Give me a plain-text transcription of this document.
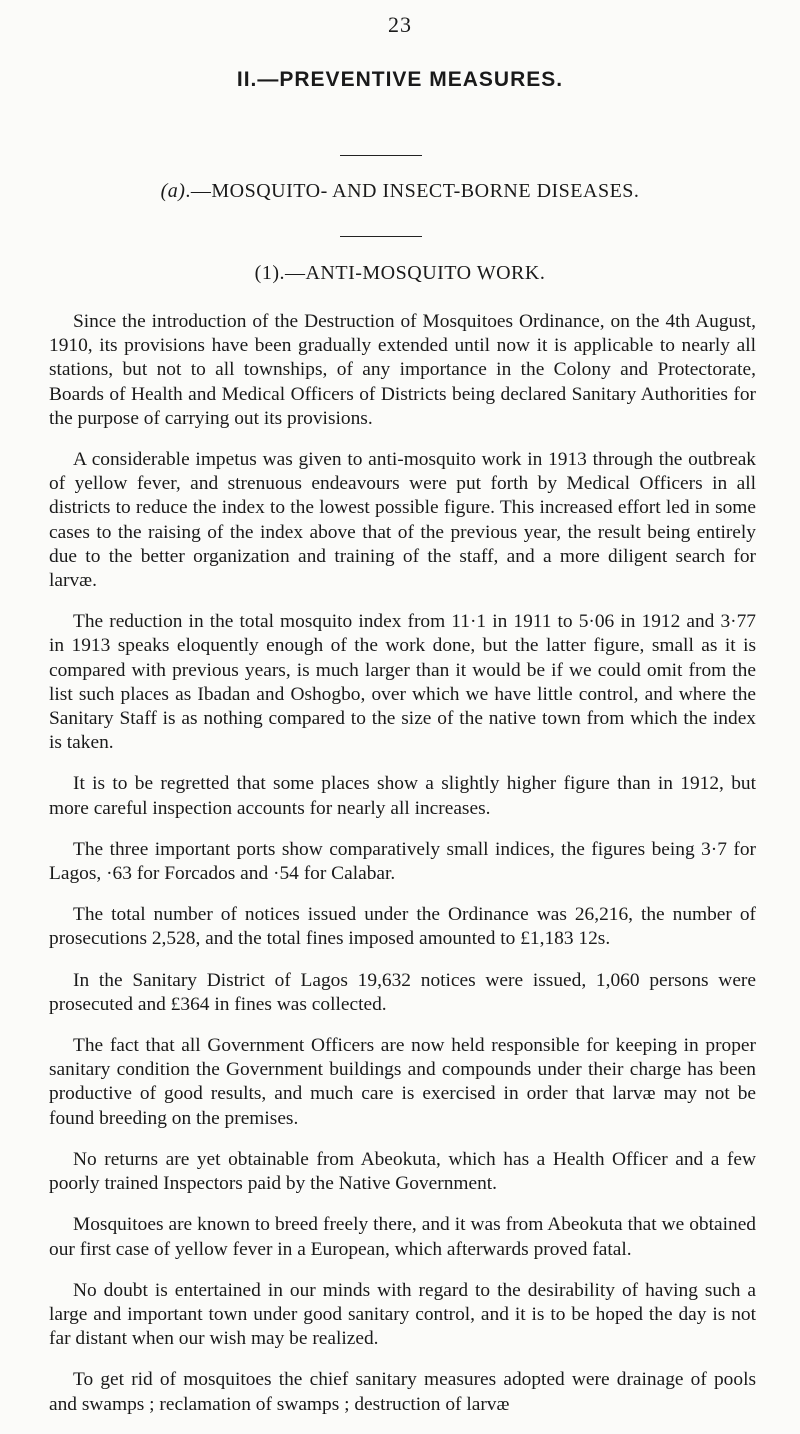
23
II.—PREVENTIVE MEASURES.
(a).—MOSQUITO- AND INSECT-BORNE DISEASES.
(1).—ANTI-MOSQUITO WORK.

Since the introduction of the Destruction of Mosquitoes Ordinance, on the 4th August, 1910, its provisions have been gradually extended until now it is applicable to nearly all stations, but not to all townships, of any importance in the Colony and Protectorate, Boards of Health and Medical Officers of Districts being declared Sanitary Authorities for the purpose of carrying out its provisions.

A considerable impetus was given to anti-mosquito work in 1913 through the outbreak of yellow fever, and strenuous endeavours were put forth by Medical Officers in all districts to reduce the index to the lowest possible figure. This increased effort led in some cases to the raising of the index above that of the previous year, the result being entirely due to the better organization and training of the staff, and a more diligent search for larvæ.

The reduction in the total mosquito index from 11·1 in 1911 to 5·06 in 1912 and 3·77 in 1913 speaks eloquently enough of the work done, but the latter figure, small as it is compared with previous years, is much larger than it would be if we could omit from the list such places as Ibadan and Oshogbo, over which we have little control, and where the Sanitary Staff is as nothing compared to the size of the native town from which the index is taken.

It is to be regretted that some places show a slightly higher figure than in 1912, but more careful inspection accounts for nearly all increases.

The three important ports show comparatively small indices, the figures being 3·7 for Lagos, ·63 for Forcados and ·54 for Calabar.

The total number of notices issued under the Ordinance was 26,216, the number of prosecutions 2,528, and the total fines imposed amounted to £1,183 12s.

In the Sanitary District of Lagos 19,632 notices were issued, 1,060 persons were prosecuted and £364 in fines was collected.

The fact that all Government Officers are now held responsible for keeping in proper sanitary condition the Government buildings and compounds under their charge has been productive of good results, and much care is exercised in order that larvæ may not be found breeding on the premises.

No returns are yet obtainable from Abeokuta, which has a Health Officer and a few poorly trained Inspectors paid by the Native Government.

Mosquitoes are known to breed freely there, and it was from Abeokuta that we obtained our first case of yellow fever in a European, which afterwards proved fatal.

No doubt is entertained in our minds with regard to the desirability of having such a large and important town under good sanitary control, and it is to be hoped the day is not far distant when our wish may be realized.

To get rid of mosquitoes the chief sanitary measures adopted were drainage of pools and swamps ; reclamation of swamps ; destruction of larvæ
